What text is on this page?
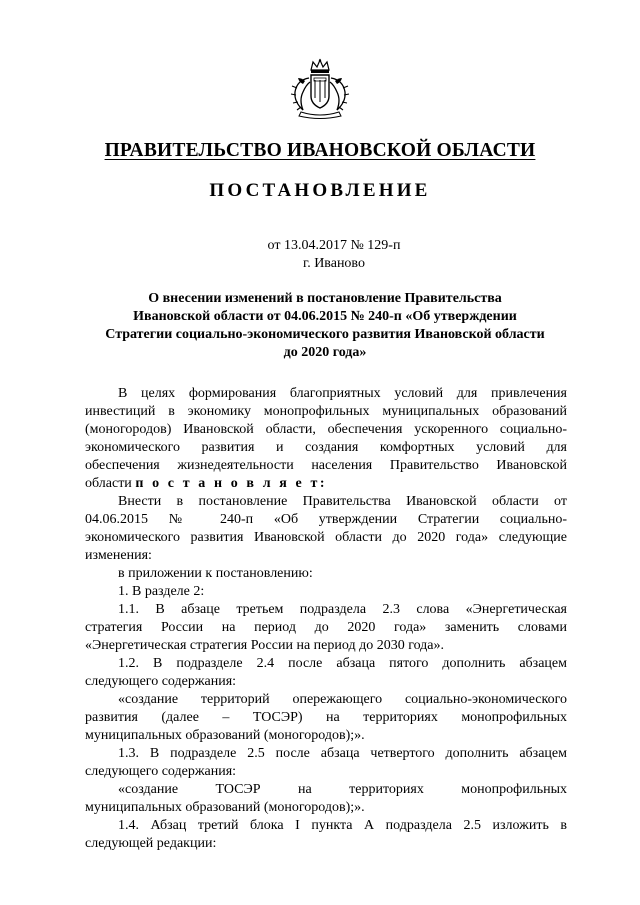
ПРАВИТЕЛЬСТВО ИВАНОВСКОЙ ОБЛАСТИ
ПОСТАНОВЛЕНИЕ
от 13.04.2017 № 129-п
г. Иваново
О внесении изменений в постановление Правительства
Ивановской области от 04.06.2015 № 240-п «Об утверждении
Стратегии социально-экономического развития Ивановской области
до 2020 года»
В целях формирования благоприятных условий для привлечения
инвестиций в экономику монопрофильных муниципальных образований
(моногородов) Ивановской области, обеспечения ускоренного социально-
экономического развития и создания комфортных условий для
обеспечения жизнедеятельности населения Правительство Ивановской
области п о с т а н о в л я е т:
Внести в постановление Правительства Ивановской области от
04.06.2015 № 240-п «Об утверждении Стратегии социально-
экономического развития Ивановской области до 2020 года» следующие
изменения:
в приложении к постановлению:
1. В разделе 2:
1.1. В абзаце третьем подраздела 2.3 слова «Энергетическая
стратегия России на период до 2020 года» заменить словами
«Энергетическая стратегия России на период до 2030 года».
1.2. В подразделе 2.4 после абзаца пятого дополнить абзацем
следующего содержания:
«создание территорий опережающего социально-экономического
развития (далее – ТОСЭР) на территориях монопрофильных
муниципальных образований (моногородов);».
1.3. В подразделе 2.5 после абзаца четвертого дополнить абзацем
следующего содержания:
«создание ТОСЭР на территориях монопрофильных
муниципальных образований (моногородов);».
1.4. Абзац третий блока I пункта А подраздела 2.5 изложить в
следующей редакции:
